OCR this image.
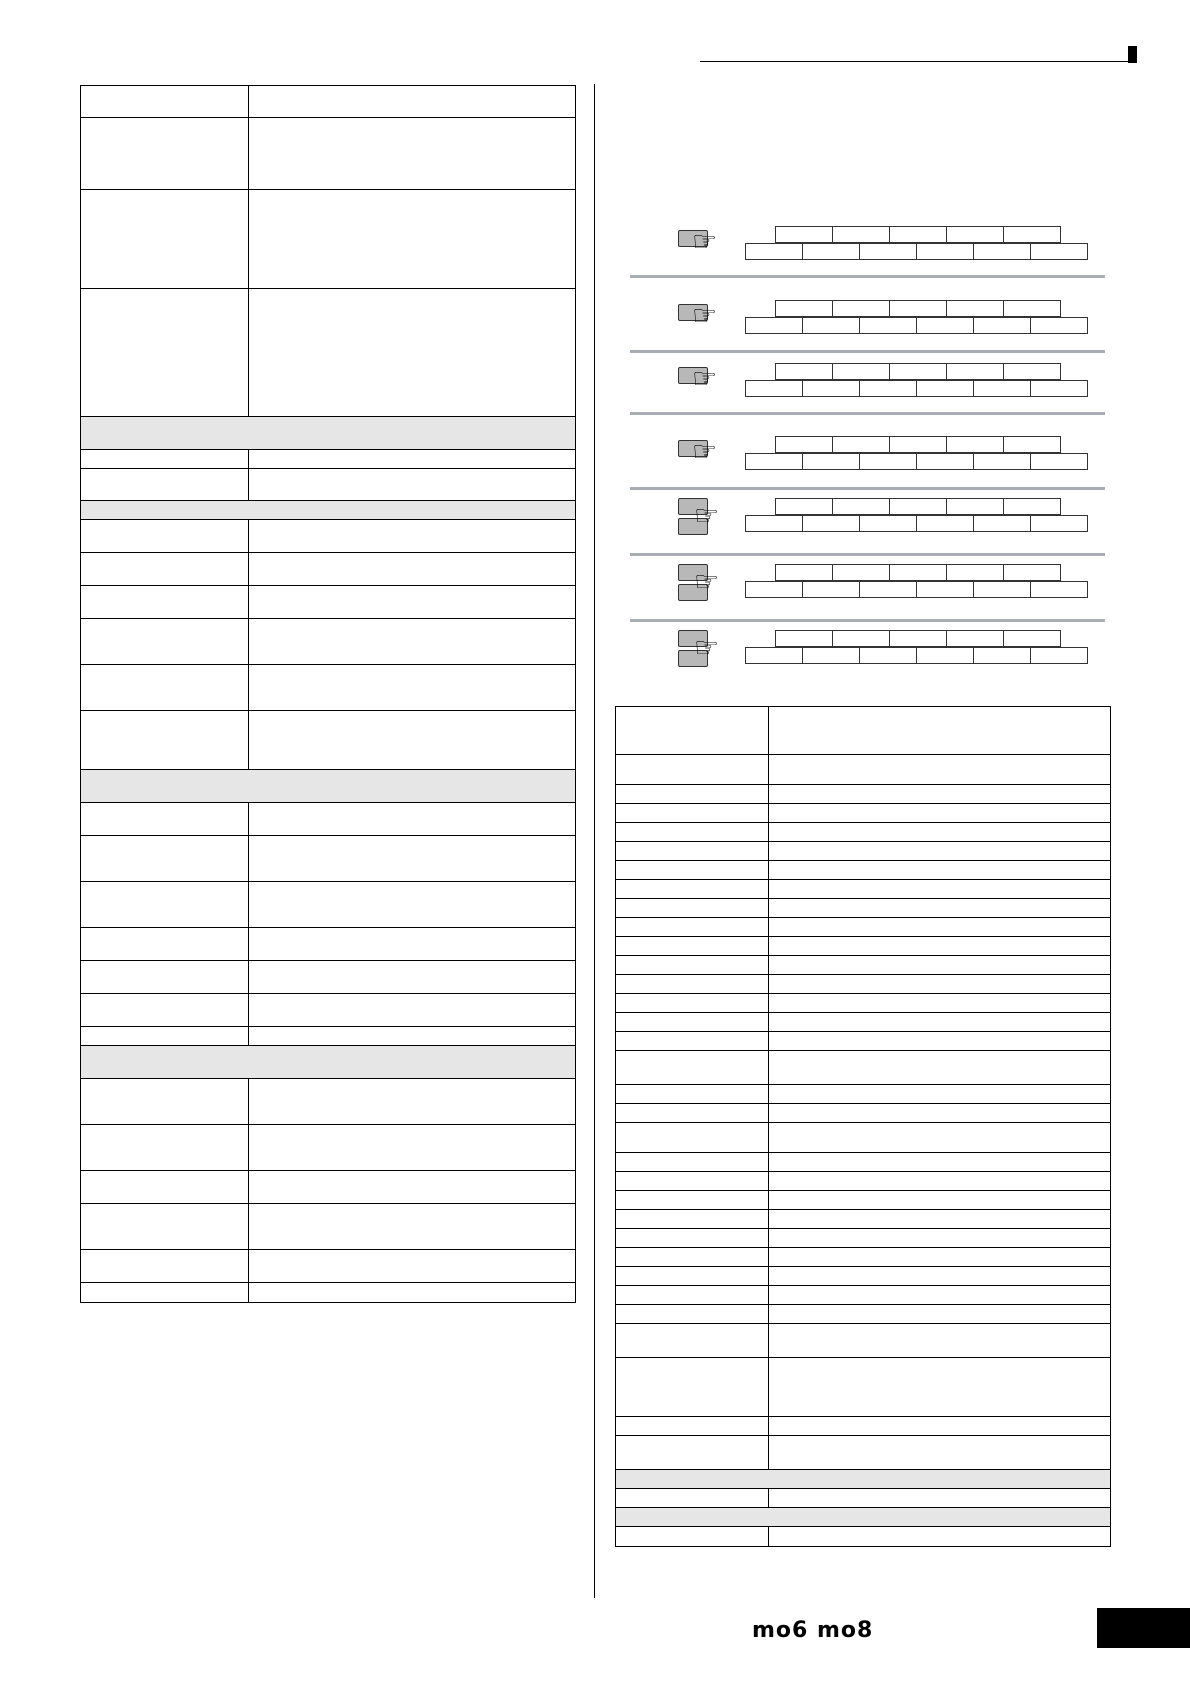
☞
☞
☞
☞
☞
☞
☞
mo6 mo8
